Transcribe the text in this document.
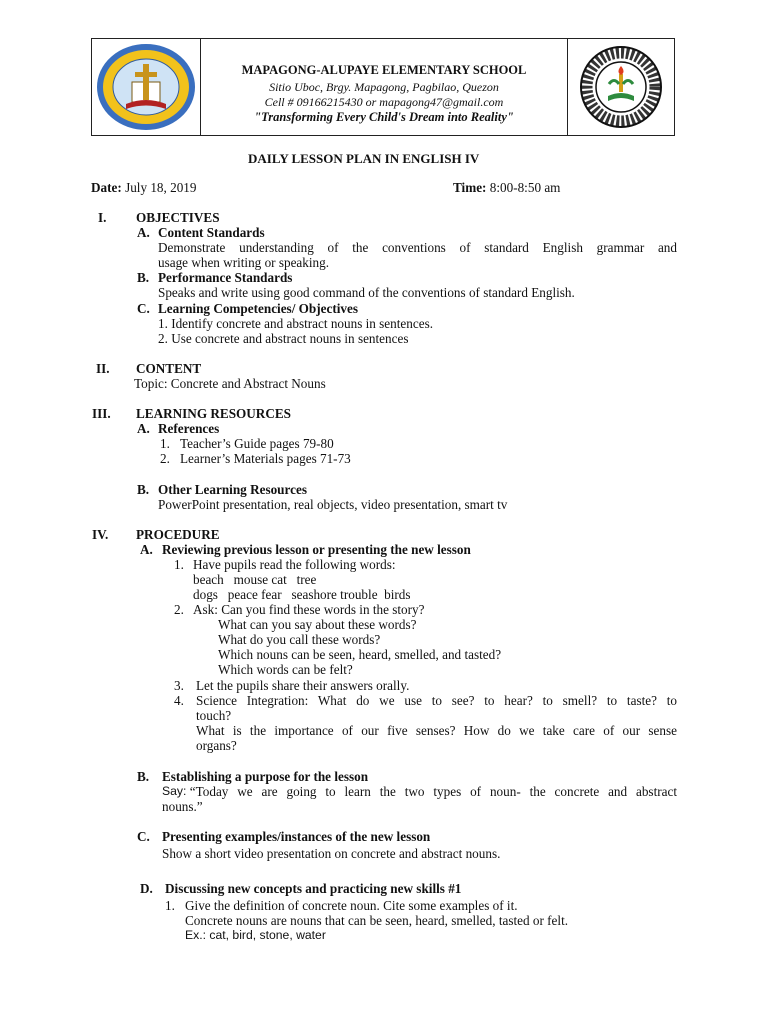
MAPAGONG-ALUPAYE ELEMENTARY SCHOOL
Sitio Uboc, Brgy. Mapagong, Pagbilao, Quezon
Cell # 09166215430 or mapagong47@gmail.com
"Transforming Every Child's Dream into Reality"
DAILY LESSON PLAN IN ENGLISH IV
Date: July 18, 2019	Time: 8:00-8:50 am
I. OBJECTIVES
A. Content Standards
Demonstrate understanding of the conventions of standard English grammar and
usage when writing or speaking.
B. Performance Standards
Speaks and write using good command of the conventions of standard English.
C. Learning Competencies/ Objectives
1. Identify concrete and abstract nouns in sentences.
2. Use concrete and abstract nouns in sentences
II. CONTENT
Topic: Concrete and Abstract Nouns
III. LEARNING RESOURCES
A. References
1. Teacher’s Guide pages 79-80
2. Learner’s Materials pages 71-73
B. Other Learning Resources
PowerPoint presentation, real objects, video presentation, smart tv
IV. PROCEDURE
A. Reviewing previous lesson or presenting the new lesson
1. Have pupils read the following words:
beach   mouse cat   tree
dogs   peace fear   seashore trouble  birds
2. Ask: Can you find these words in the story?
What can you say about these words?
What do you call these words?
Which nouns can be seen, heard, smelled, and tasted?
Which words can be felt?
3. Let the pupils share their answers orally.
4. Science Integration: What do we use to see? to hear? to smell? to taste? to
touch?
What is the importance of our five senses? How do we take care of our sense
organs?
B. Establishing a purpose for the lesson
Say: “Today we are going to learn the two types of noun- the concrete and abstract
nouns.”
C. Presenting examples/instances of the new lesson
Show a short video presentation on concrete and abstract nouns.
D. Discussing new concepts and practicing new skills #1
1. Give the definition of concrete noun. Cite some examples of it.
Concrete nouns are nouns that can be seen, heard, smelled, tasted or felt.
Ex.: cat, bird, stone, water
